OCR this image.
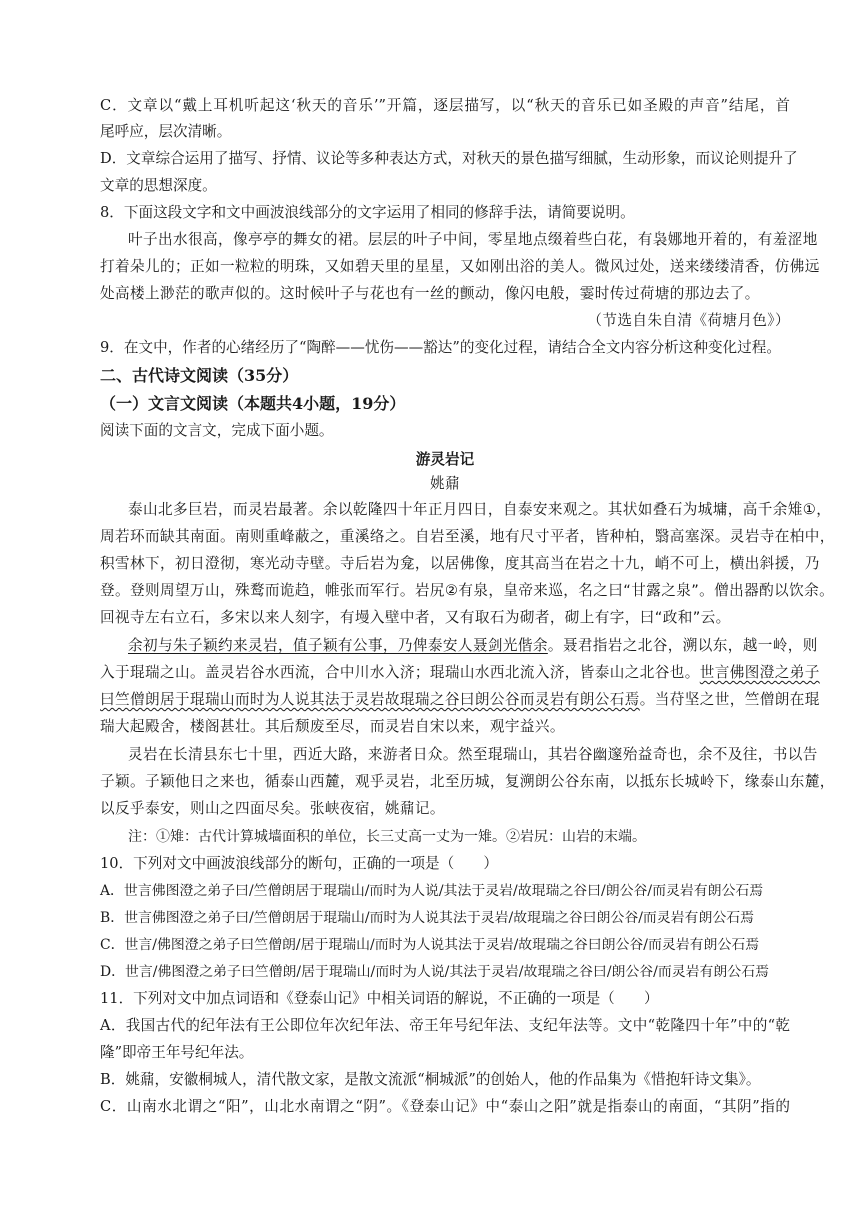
C．文章以“戴上耳机听起这‘秋天的音乐’”开篇，逐层描写，以“秋天的音乐已如圣殿的声音”结尾，首
尾呼应，层次清晰。
D．文章综合运用了描写、抒情、议论等多种表达方式，对秋天的景色描写细腻，生动形象，而议论则提升了
文章的思想深度。
8．下面这段文字和文中画波浪线部分的文字运用了相同的修辞手法，请简要说明。
叶子出水很高，像亭亭的舞女的裙。层层的叶子中间，零星地点缀着些白花，有袅娜地开着的，有羞涩地
打着朵儿的；正如一粒粒的明珠，又如碧天里的星星，又如刚出浴的美人。微风过处，送来缕缕清香，仿佛远
处高楼上渺茫的歌声似的。这时候叶子与花也有一丝的颤动，像闪电般，霎时传过荷塘的那边去了。
（节选自朱自清《荷塘月色》）
9．在文中，作者的心绪经历了“陶醉——忧伤——豁达”的变化过程，请结合全文内容分析这种变化过程。
二、古代诗文阅读（35分）
（一）文言文阅读（本题共4小题，19分）
阅读下面的文言文，完成下面小题。
游灵岩记
姚鼐
泰山北多巨岩，而灵岩最著。余以乾隆四十年正月四日，自泰安来观之。其状如叠石为城墉，高千余雉①，
周若环而缺其南面。南则重峰蔽之，重溪络之。自岩至溪，地有尺寸平者，皆种柏，翳高塞深。灵岩寺在柏中，
积雪林下，初日澄彻，寒光动寺壁。寺后岩为龛，以居佛像，度其高当在岩之十九，峭不可上，横出斜援，乃
登。登则周望万山，殊鹜而诡趋，帷张而军行。岩尻②有泉，皇帝来巡，名之曰“甘露之泉”。僧出器酌以饮余。
回视寺左右立石，多宋以来人刻字，有墁入壁中者，又有取石为砌者，砌上有字，曰“政和”云。
余初与朱子颖约来灵岩，值子颖有公事，乃俾泰安人聂剑光偕余。聂君指岩之北谷，溯以东，越一岭，则
入于琨瑞之山。盖灵岩谷水西流，合中川水入济；琨瑞山水西北流入济，皆泰山之北谷也。世言佛图澄之弟子
曰竺僧朗居于琨瑞山而时为人说其法于灵岩故琨瑞之谷曰朗公谷而灵岩有朗公石焉。当苻坚之世，竺僧朗在琨
瑞大起殿舍，楼阁甚壮。其后颓废至尽，而灵岩自宋以来，观宇益兴。
灵岩在长清县东七十里，西近大路，来游者日众。然至琨瑞山，其岩谷幽邃殆益奇也，余不及往，书以告
子颖。子颖他日之来也，循泰山西麓，观乎灵岩，北至历城，复溯朗公谷东南，以抵东长城岭下，缘泰山东麓，
以反乎泰安，则山之四面尽矣。张峡夜宿，姚鼐记。
注：①雉：古代计算城墙面积的单位，长三丈高一丈为一雉。②岩尻：山岩的末端。
10．下列对文中画波浪线部分的断句，正确的一项是（　　）
A．世言佛图澄之弟子曰/竺僧朗居于琨瑞山/而时为人说/其法于灵岩/故琨瑞之谷曰/朗公谷/而灵岩有朗公石焉
B．世言佛图澄之弟子曰/竺僧朗居于琨瑞山/而时为人说其法于灵岩/故琨瑞之谷曰朗公谷/而灵岩有朗公石焉
C．世言/佛图澄之弟子曰竺僧朗/居于琨瑞山/而时为人说其法于灵岩/故琨瑞之谷曰朗公谷/而灵岩有朗公石焉
D．世言/佛图澄之弟子曰竺僧朗/居于琨瑞山/而时为人说/其法于灵岩/故琨瑞之谷曰/朗公谷/而灵岩有朗公石焉
11．下列对文中加点词语和《登泰山记》中相关词语的解说，不正确的一项是（　　）
A．我国古代的纪年法有王公即位年次纪年法、帝王年号纪年法、支纪年法等。文中“乾隆四十年”中的“乾
隆”即帝王年号纪年法。
B．姚鼐，安徽桐城人，清代散文家，是散文流派“桐城派”的创始人，他的作品集为《惜抱轩诗文集》。
C．山南水北谓之“阳”，山北水南谓之“阴”。《登泰山记》中“泰山之阳”就是指泰山的南面，“其阴”指的
